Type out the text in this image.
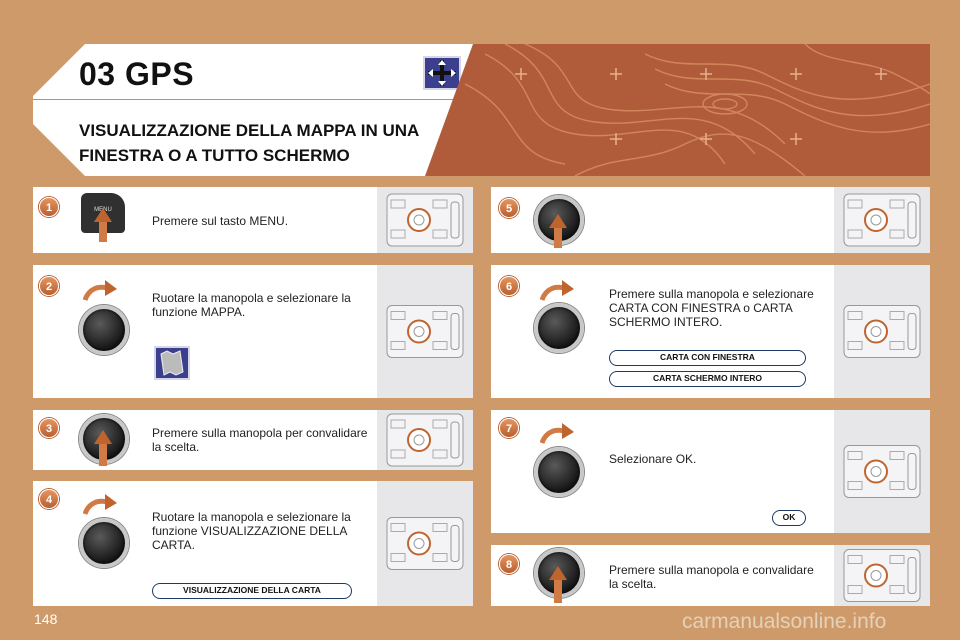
03 GPS
VISUALIZZAZIONE DELLA MAPPA IN UNA FINESTRA O A TUTTO SCHERMO
1	MENU
Premere sul tasto MENU.
2
Ruotare la manopola e selezionare la funzione MAPPA.
3	Premere sulla manopola per convalidare la scelta.
4
Ruotare la manopola e selezionare la funzione VISUALIZZAZIONE DELLA CARTA.
VISUALIZZAZIONE DELLA CARTA
5
6	Premere sulla manopola e selezionare CARTA CON FINESTRA o CARTA SCHERMO INTERO.
CARTA CON FINESTRA
CARTA SCHERMO INTERO
7
Selezionare OK.
OK
8	Premere sulla manopola e convalidare la scelta.
148	carmanualsonline.info
